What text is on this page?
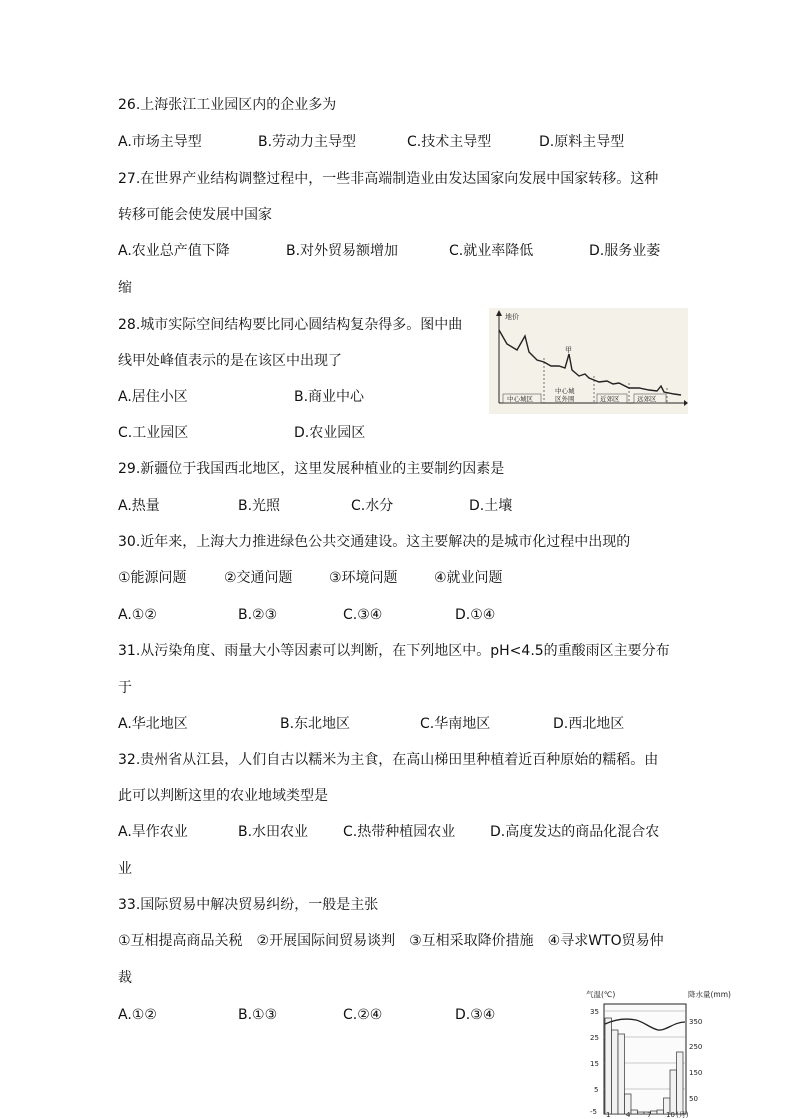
26.上海张江工业园区内的企业多为
A.市场主导型	B.劳动力主导型	C.技术主导型	D.原料主导型
27.在世界产业结构调整过程中，一些非高端制造业由发达国家向发展中国家转移。这种
转移可能会使发展中国家
A.农业总产值下降	B.对外贸易额增加	C.就业率降低	D.服务业萎
缩
28.城市实际空间结构要比同心圆结构复杂得多。图中曲
线甲处峰值表示的是在该区中出现了
A.居住小区	B.商业中心
C.工业园区	D.农业园区
地价
甲
中心城区
中心城
区外围	近郊区	远郊区
29.新疆位于我国西北地区，这里发展种植业的主要制约因素是
A.热量	B.光照	C.水分	D.土壤
30.近年来，上海大力推进绿色公共交通建设。这主要解决的是城市化过程中出现的
①能源问题	②交通问题	③环境问题	④就业问题
A.①②	B.②③	C.③④	D.①④
31.从污染角度、雨量大小等因素可以判断，在下列地区中。pH<4.5的重酸雨区主要分布
于
A.华北地区	B.东北地区	C.华南地区	D.西北地区
32.贵州省从江县，人们自古以糯米为主食，在高山梯田里种植着近百种原始的糯稻。由
此可以判断这里的农业地域类型是
A.旱作农业	B.水田农业 C.热带种植园农业 D.高度发达的商品化混合农
业
33.国际贸易中解决贸易纠纷，一般是主张
①互相提高商品关税　②开展国际间贸易谈判　③互相采取降价措施　④寻求WTO贸易仲
裁
A.①②	B.①③	C.②④	D.③④
气温(℃)	降水量(mm)
35
25
15
5
-5
350
250
150
50
1 4 7 10 (月)
